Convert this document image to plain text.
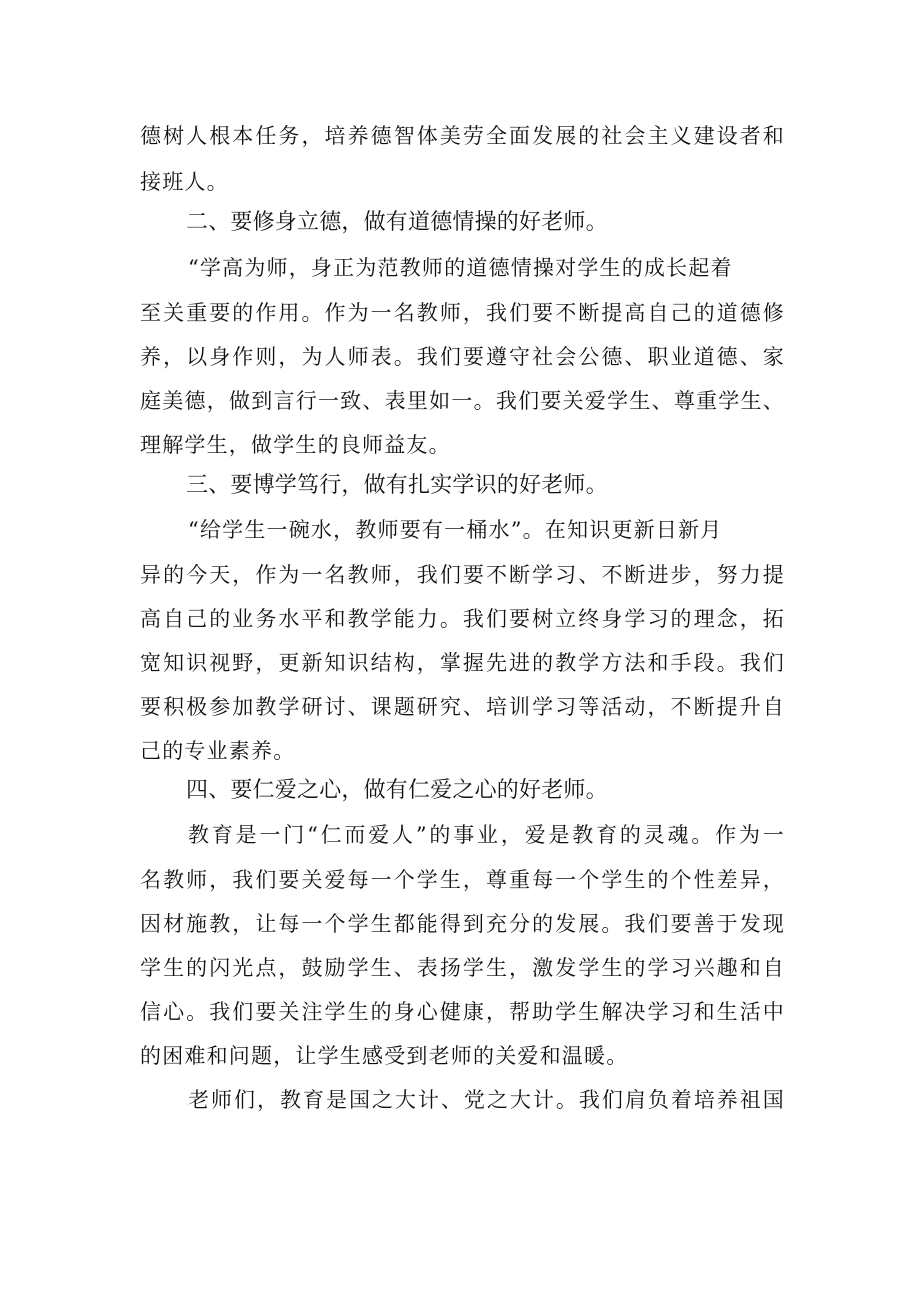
德树人根本任务，培养德智体美劳全面发展的社会主义建设者和
接班人。
二、要修身立德，做有道德情操的好老师。
“学高为师，身正为范教师的道德情操对学生的成长起着
至关重要的作用。作为一名教师，我们要不断提高自己的道德修
养，以身作则，为人师表。我们要遵守社会公德、职业道德、家
庭美德，做到言行一致、表里如一。我们要关爱学生、尊重学生、
理解学生，做学生的良师益友。
三、要博学笃行，做有扎实学识的好老师。
“给学生一碗水，教师要有一桶水”。在知识更新日新月
异的今天，作为一名教师，我们要不断学习、不断进步，努力提
高自己的业务水平和教学能力。我们要树立终身学习的理念，拓
宽知识视野，更新知识结构，掌握先进的教学方法和手段。我们
要积极参加教学研讨、课题研究、培训学习等活动，不断提升自
己的专业素养。
四、要仁爱之心，做有仁爱之心的好老师。
教育是一门“仁而爱人”的事业，爱是教育的灵魂。作为一
名教师，我们要关爱每一个学生，尊重每一个学生的个性差异，
因材施教，让每一个学生都能得到充分的发展。我们要善于发现
学生的闪光点，鼓励学生、表扬学生，激发学生的学习兴趣和自
信心。我们要关注学生的身心健康，帮助学生解决学习和生活中
的困难和问题，让学生感受到老师的关爱和温暖。
老师们，教育是国之大计、党之大计。我们肩负着培养祖国
